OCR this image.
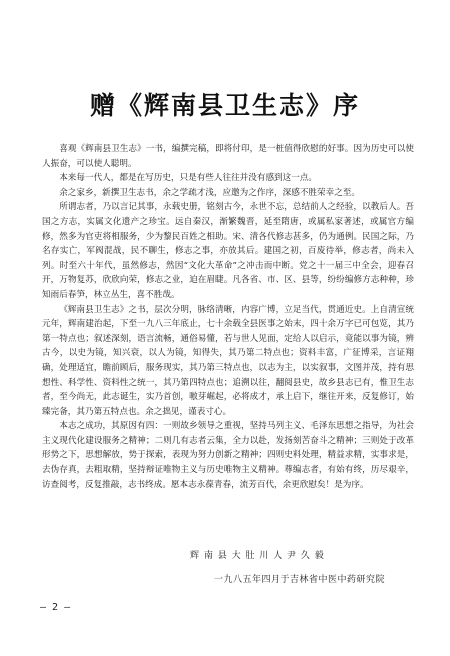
赠《辉南县卫生志》序

喜观《辉南县卫生志》一书，编撰完稿，即将付印，是一桩值得欣慰的好事。因为历史可以使人振奋，可以使人聪明。

本来每一代人，都是在写历史，只是有些人往往并没有感到这一点。

余之家乡，新撰卫生志书，余之学疏才浅，应邀为之作序，深感不胜荣幸之至。

所谓志者，乃以言记其事，永载史册，铭刻古今，永世不忘，总结前人之经验，以教后人。吾国之方志，实属文化遗产之珍宝。远自秦汉，渐繁魏晋，延至隋唐，或属私家著述，或属官方编修，然多为官吏将相服务，少为黎民百姓之相助。宋、清各代修志甚多，仍为通例。民国之际，乃名存实亡，军阀混战，民不聊生，修志之事，亦放其后。建国之初，百废待举，修志者，尚未入列。时至六十年代，虽然修志，然因“文化大革命”之冲击而中断。党之十一届三中全会，迎春召开，万物复苏，欣欣向荣，修志之业，迫在眉睫。凡各省、市、区、县等，纷纷编修方志种种，珍知雨后春笋，林立丛生，喜不胜哉。

《辉南县卫生志》之书，层次分明，脉络清晰，内容广博，立足当代，贯通近史。上自清宣统元年，辉南建治起，下至一九八三年底止，七十余载全县医事之始末，四十余万字已可包览，其乃第一特点也；叙述深刻，语言流畅，通俗易懂，若与世人见面，定给人以启示，竟能以事为镜，辨古今，以史为镜，知兴衰，以人为镜，知得失，其乃第二特点也；资料丰富，广征博采，言证翔确，处理适宜，瞻前顾后，服务现实，其乃第三特点也，以志为主，以实叙事，文图并茂，持有思想性、科学性、资料性之统一，其乃第四特点也；追溯以往，翻阅县史，故乡县志已有，惟卫生志者，至今尚无，此志诞生，实乃首创，嗷芽崛起，必将成才，承上启下，继往开来，反复修订，始臻完备，其乃第五特点也。余之拙见，谨表寸心。

本志之成功，其原因有四：一则故乡领导之重视，坚持马列主义、毛泽东思想之指导，为社会主义现代化建设服务之精神；二则几有志者云集，全力以赴，发扬刻苦奋斗之精神；三则处于改革形势之下，思想解放，势于探索，表现为努力创新之精神；四则史料处理，精益求精，实事求是，去伪存真，去粗取精，坚持辩证唯物主义与历史唯物主义精神。尊编志者，有始有终，历尽艰辛，访查阅考，反复推敲，志书终成。愿本志永葆青春，流芳百代，余更欣慰矣！是为序。

辉 南 县 大 肚 川 人 尹 久 毅
一九八五年四月于吉林省中医中药研究院
— 2 —
